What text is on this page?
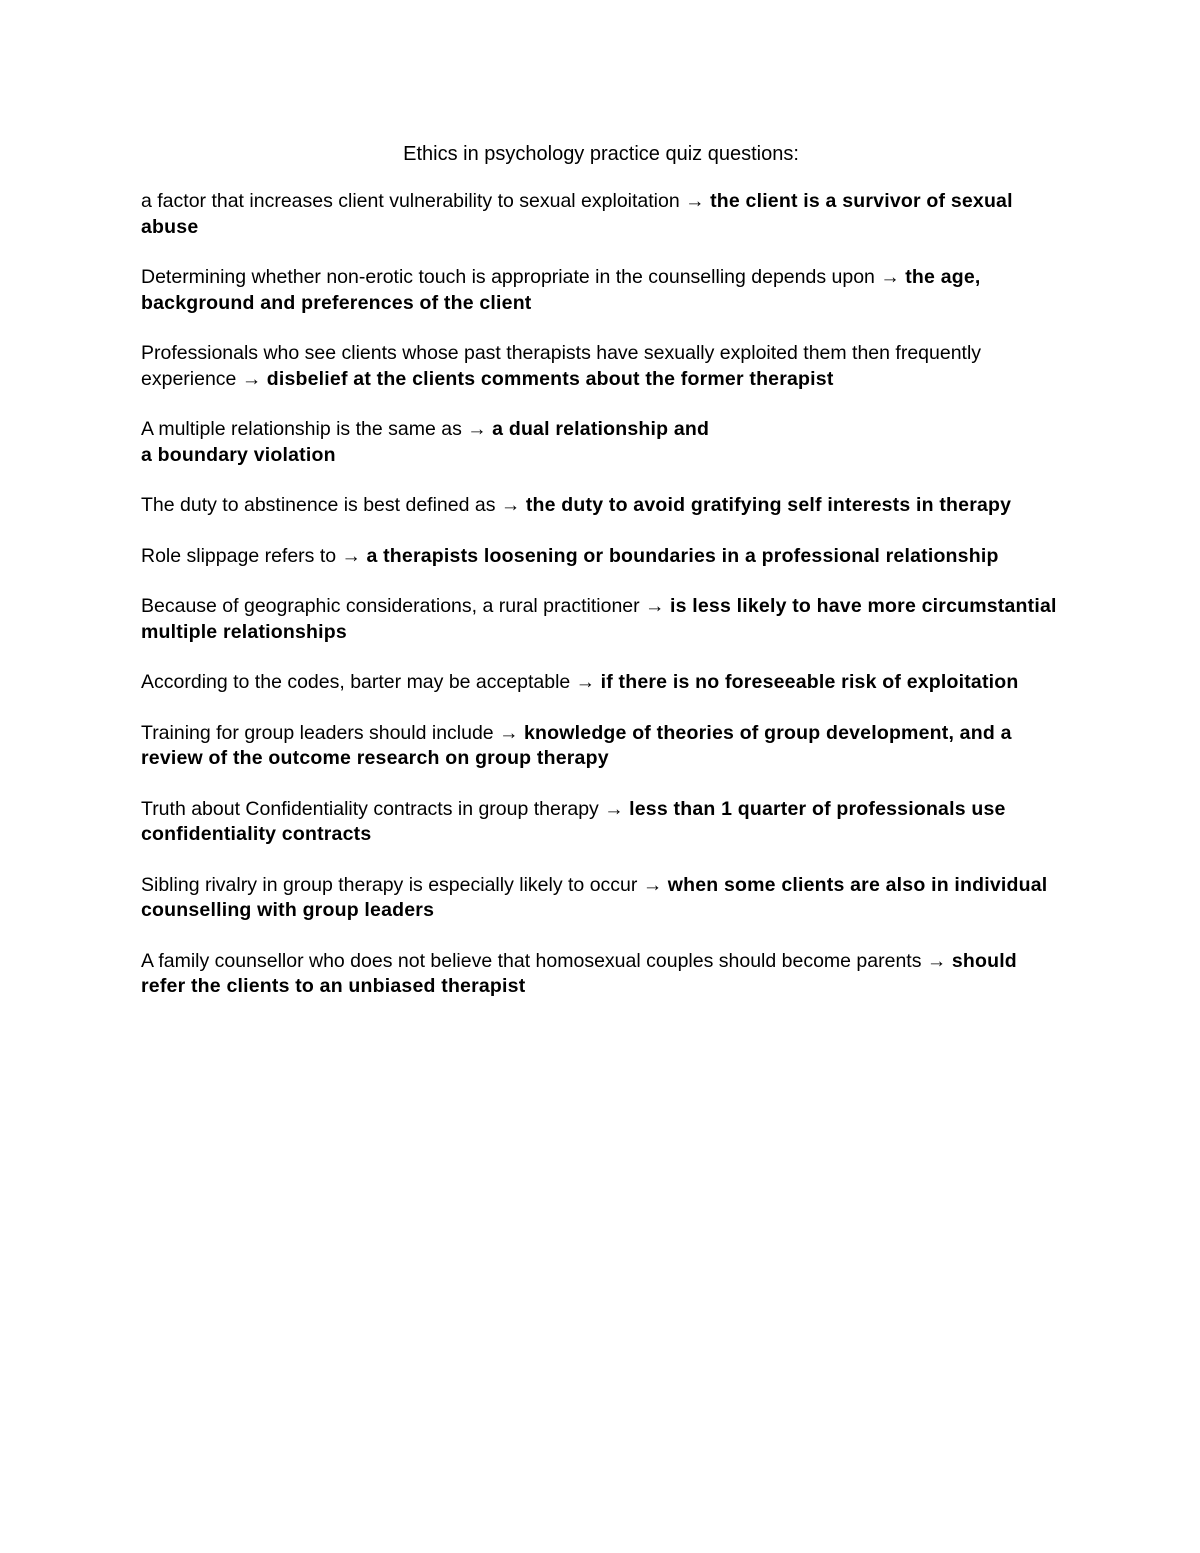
Ethics in psychology practice quiz questions:

a factor that increases client vulnerability to sexual exploitation → the client is a survivor of sexual abuse

Determining whether non-erotic touch is appropriate in the counselling depends upon → the age, background and preferences of the client

Professionals who see clients whose past therapists have sexually exploited them then frequently experience → disbelief at the clients comments about the former therapist

A multiple relationship is the same as → a dual relationship and
a boundary violation

The duty to abstinence is best defined as → the duty to avoid gratifying self interests in therapy

Role slippage refers to → a therapists loosening or boundaries in a professional relationship

Because of geographic considerations, a rural practitioner → is less likely to have more circumstantial multiple relationships

According to the codes, barter may be acceptable → if there is no foreseeable risk of exploitation

Training for group leaders should include → knowledge of theories of group development, and a review of the outcome research on group therapy

Truth about Confidentiality contracts in group therapy → less than 1 quarter of professionals use confidentiality contracts

Sibling rivalry in group therapy is especially likely to occur → when some clients are also in individual counselling with group leaders

A family counsellor who does not believe that homosexual couples should become parents → should refer the clients to an unbiased therapist
